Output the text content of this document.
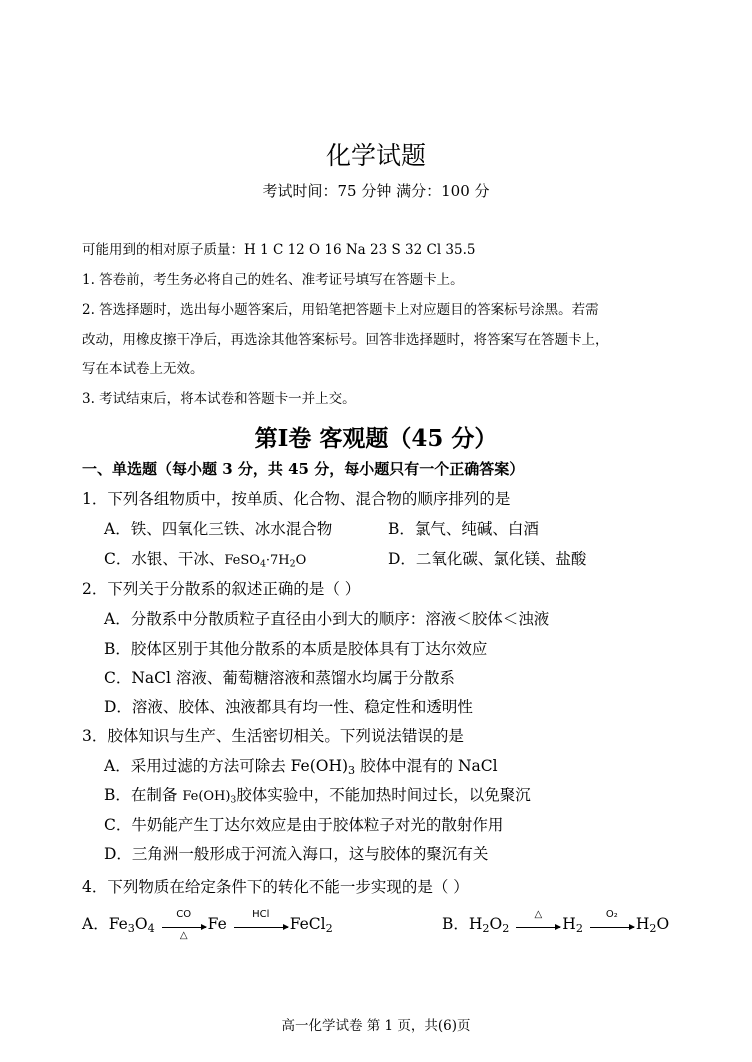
化学试题
考试时间：75 分钟 满分：100 分
可能用到的相对原子质量：H 1 C 12 O 16 Na 23 S 32 Cl 35.5
1. 答卷前，考生务必将自己的姓名、准考证号填写在答题卡上。
2. 答选择题时，选出每小题答案后，用铅笔把答题卡上对应题目的答案标号涂黑。若需
改动，用橡皮擦干净后，再选涂其他答案标号。回答非选择题时，将答案写在答题卡上，
写在本试卷上无效。
3. 考试结束后，将本试卷和答题卡一并上交。
第Ⅰ卷 客观题（45 分）
一、单选题（每小题 3 分，共 45 分，每小题只有一个正确答案）
1．下列各组物质中，按单质、化合物、混合物的顺序排列的是
A．铁、四氧化三铁、冰水混合物	B．氯气、纯碱、白酒
C．水银、干冰、$FeSO_4\cdot 7H_2O$	D．二氧化碳、氯化镁、盐酸
2．下列关于分散系的叙述正确的是（ ）
A．分散系中分散质粒子直径由小到大的顺序：溶液＜胶体＜浊液
B．胶体区别于其他分散系的本质是胶体具有丁达尔效应
C．NaCl 溶液、葡萄糖溶液和蒸馏水均属于分散系
D．溶液、胶体、浊液都具有均一性、稳定性和透明性
3．胶体知识与生产、生活密切相关。下列说法错误的是
A．采用过滤的方法可除去 $Fe(OH)_3$ 胶体中混有的 NaCl
B．在制备 $Fe(OH)_3$胶体实验中，不能加热时间过长，以免聚沉
C．牛奶能产生丁达尔效应是由于胶体粒子对光的散射作用
D．三角洲一般形成于河流入海口，这与胶体的聚沉有关
4．下列物质在给定条件下的转化不能一步实现的是（ ）
A．$Fe_3O_4$
CO
△
Fe
HCl
FeCl$_2$	B．$H_2O_2$
△
$H_2$
O₂
$H_2O$
高一化学试卷 第 1 页，共(6)页
